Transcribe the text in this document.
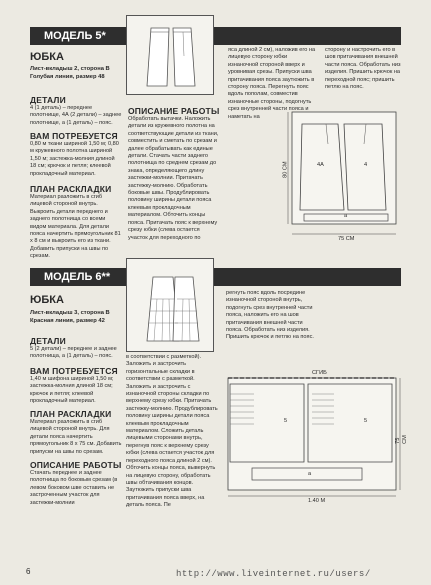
МОДЕЛЬ 5*
ЮБКА
Лист-вкладыш 2, сторона В
Голубая линия, размер 48
ДЕТАЛИ
4 (1 деталь) – переднее полотнище, 4А (2 детали) – заднее полотнище, а (1 деталь) – пояс.
ВАМ ПОТРЕБУЕТСЯ
0,80 м ткани шириной 1,50 м; 0,80 м кружевного полотна шириной 1,50 м; застежка-молния длиной 18 см; крючок и петля; клеевой прокладочный материал.
ПЛАН РАСКЛАДКИ
Материал разложить в сгиб лицевой стороной внутрь. Выкроить детали переднего и заднего полотнища со всеми видом материала. Для детали пояса начертить прямоугольник 81 х 8 см и выкроить его из ткани. Добавить припуски на швы по срезам.
ОПИСАНИЕ РАБОТЫ
Обработать вытачки. Наложить детали из кружевного полотна на соответствующие детали из ткани, совместить и сметать по срезам и далее обрабатывать как единые детали. Стачать части заднего полотнища по среднем срезам до знака, определяющего длину застежки-молнии. Притачать застежку-молнию. Обработать боковые швы. Продублировать половину ширины детали пояса клеевым прокладочным материалом. Обточить концы пояса. Притачать пояс к верхнему срезу юбки (слева остается участок для переходного по
яса длиной 2 см), наложив его на лицевую сторону юбки изнаночной стороной вверх и уровнивая срезы. Припуски шва притачивания пояса заутюжить в сторону пояса. Перегнуть пояс вдоль пополам, совместив изнаночные стороны, подогнуть срез внутренней части пояса и наметать на
сторону и настрочить его в шов притачивания внешней части пояса. Обработать низ изделия. Пришить крючок на переходной пояс; пришить петлю на пояс.
4А	4
а
80 СМ
75 СМ
МОДЕЛЬ 6**
ЮБКА
Лист-вкладыш 3, сторона В
Красная линия, размер 42
ДЕТАЛИ
5 (2 детали) – переднее и заднее полотнища, а (1 деталь) – пояс.
ВАМ ПОТРЕБУЕТСЯ
1,40 м шифона шириной 1,50 м; застежка-молния длиной 18 см; крючок и петля; клеевой прокладочный материал.
ПЛАН РАСКЛАДКИ
Материал разложить в сгиб лицевой стороной внутрь. Для детали пояса начертить прямоугольник 8 х 75 см. Добавить припуски на швы по срезам.
ОПИСАНИЕ РАБОТЫ
Стачать переднее и заднее полотнища по боковым срезам (в левом боковом шве оставить не застроченным участок для застежки-молнии
в соответствии с разметкой). Заложить и застрочить горизонтальные складки в соответствии с разметкой. Заложить и застрочить с изнаночной стороны складки по верхнему срезу юбки. Притачать застежку-молнию. Продублировать половину ширины детали пояса клеевым прокладочным материалом. Сложить деталь лицевыми сторонами внутрь, перегнув пояс к верхнему срезу юбки (слева остается участок для переходного пояса длиной 2 см). Обточить концы пояса, вывернуть на лицевую сторону, обработать швы обтачивания концов. Заутюжить припуски шва притачивания пояса вверх, на деталь пояса. Пе
регнуть пояс вдоль посредине изнаночной стороной внутрь, подогнуть срез внутренней части пояса, наложить его на шов притачивания внешней части пояса. Обработать низ изделия. Пришить крючок и петлю на пояс.
СГИБ
5	5
а
75 СМ
1.40 М
6	http://www.liveinternet.ru/users/
